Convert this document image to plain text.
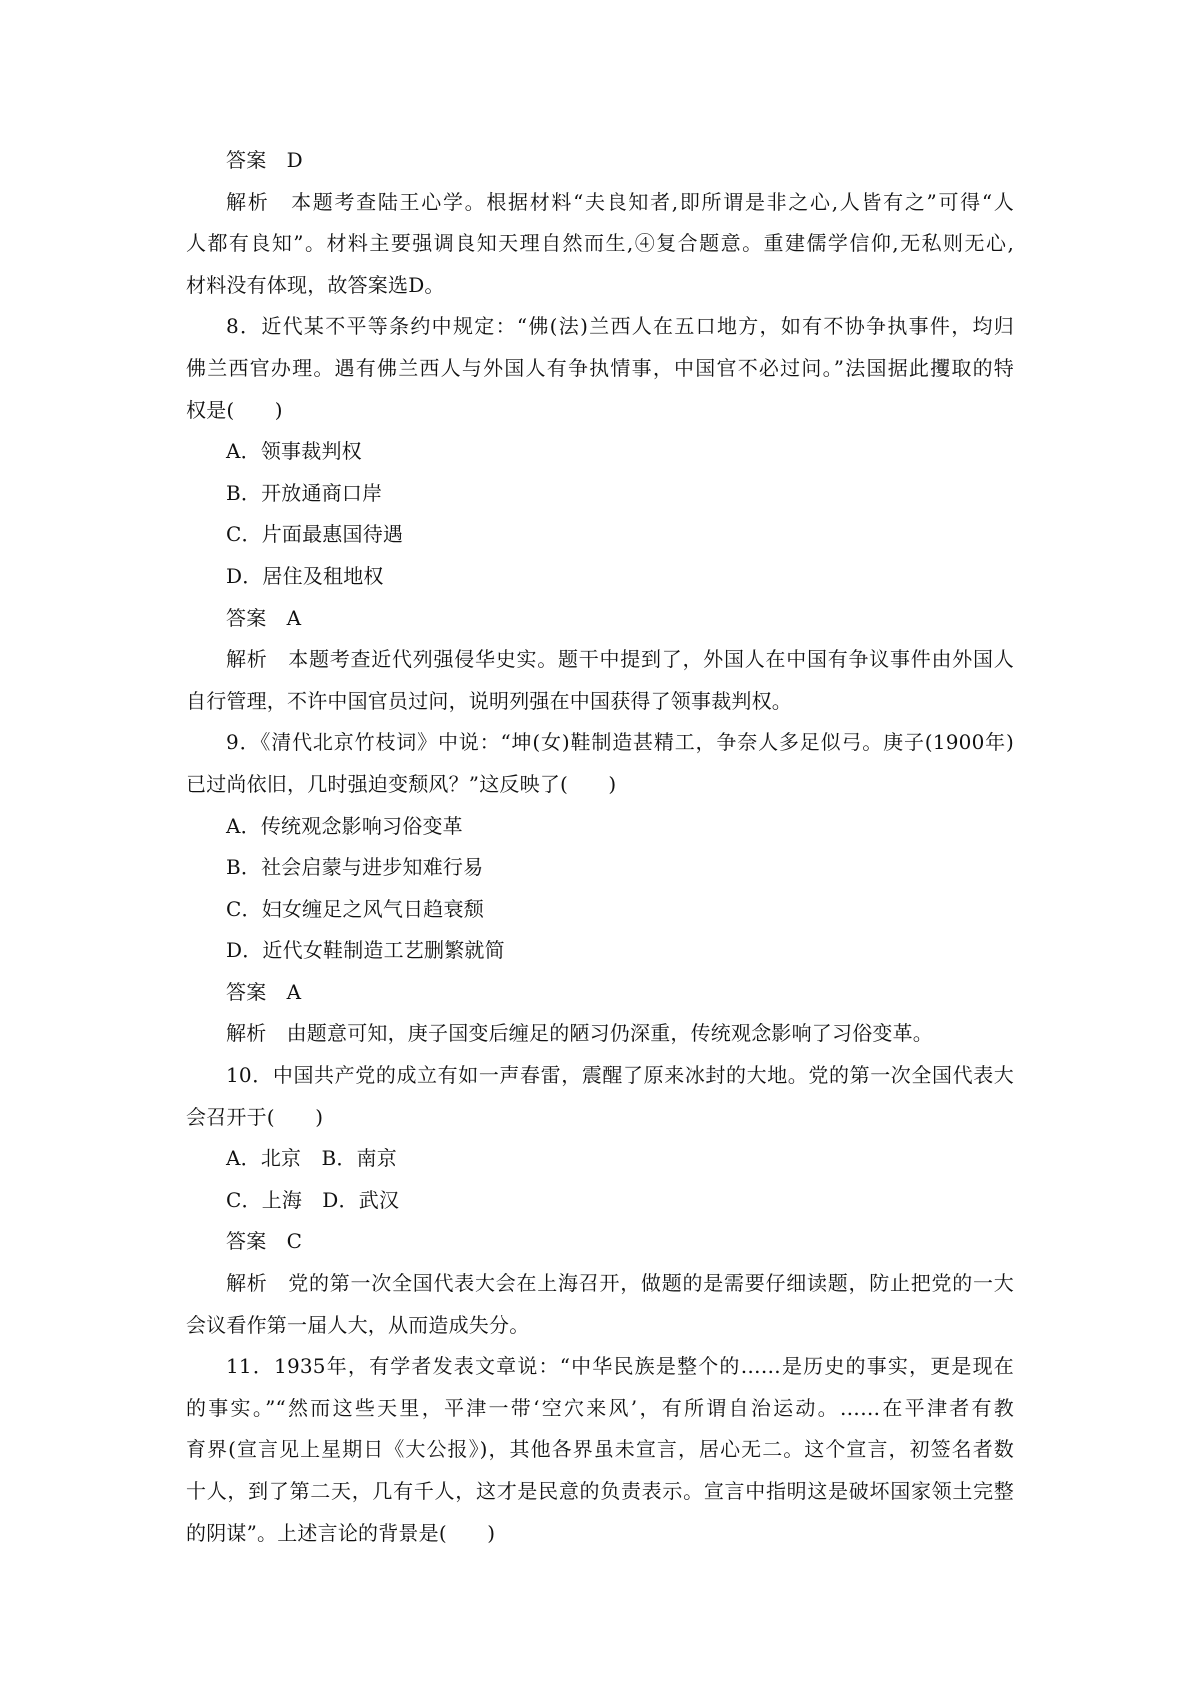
答案　D
解析　本题考查陆王心学。根据材料“夫良知者,即所谓是非之心,人皆有之”可得“人
人都有良知”。材料主要强调良知天理自然而生,④复合题意。重建儒学信仰,无私则无心,
材料没有体现，故答案选D。
8．近代某不平等条约中规定：“佛(法)兰西人在五口地方，如有不协争执事件，均归
佛兰西官办理。遇有佛兰西人与外国人有争执情事，中国官不必过问。”法国据此攫取的特
权是(　　)
A．领事裁判权
B．开放通商口岸
C．片面最惠国待遇
D．居住及租地权
答案　A
解析　本题考查近代列强侵华史实。题干中提到了，外国人在中国有争议事件由外国人
自行管理，不许中国官员过问，说明列强在中国获得了领事裁判权。
9．《清代北京竹枝词》中说：“坤(女)鞋制造甚精工，争奈人多足似弓。庚子(1900年)
已过尚依旧，几时强迫变颓风？”这反映了(　　)
A．传统观念影响习俗变革
B．社会启蒙与进步知难行易
C．妇女缠足之风气日趋衰颓
D．近代女鞋制造工艺删繁就简
答案　A
解析　由题意可知，庚子国变后缠足的陋习仍深重，传统观念影响了习俗变革。
10．中国共产党的成立有如一声春雷，震醒了原来冰封的大地。党的第一次全国代表大
会召开于(　　)
A．北京　B．南京
C．上海　D．武汉
答案　C
解析　党的第一次全国代表大会在上海召开，做题的是需要仔细读题，防止把党的一大
会议看作第一届人大，从而造成失分。
11．1935年，有学者发表文章说：“中华民族是整个的……是历史的事实，更是现在
的事实。”“然而这些天里，平津一带‘空穴来风’，有所谓自治运动。……在平津者有教
育界(宣言见上星期日《大公报》)，其他各界虽未宣言，居心无二。这个宣言，初签名者数
十人，到了第二天，几有千人，这才是民意的负责表示。宣言中指明这是破坏国家领土完整
的阴谋”。上述言论的背景是(　　)
